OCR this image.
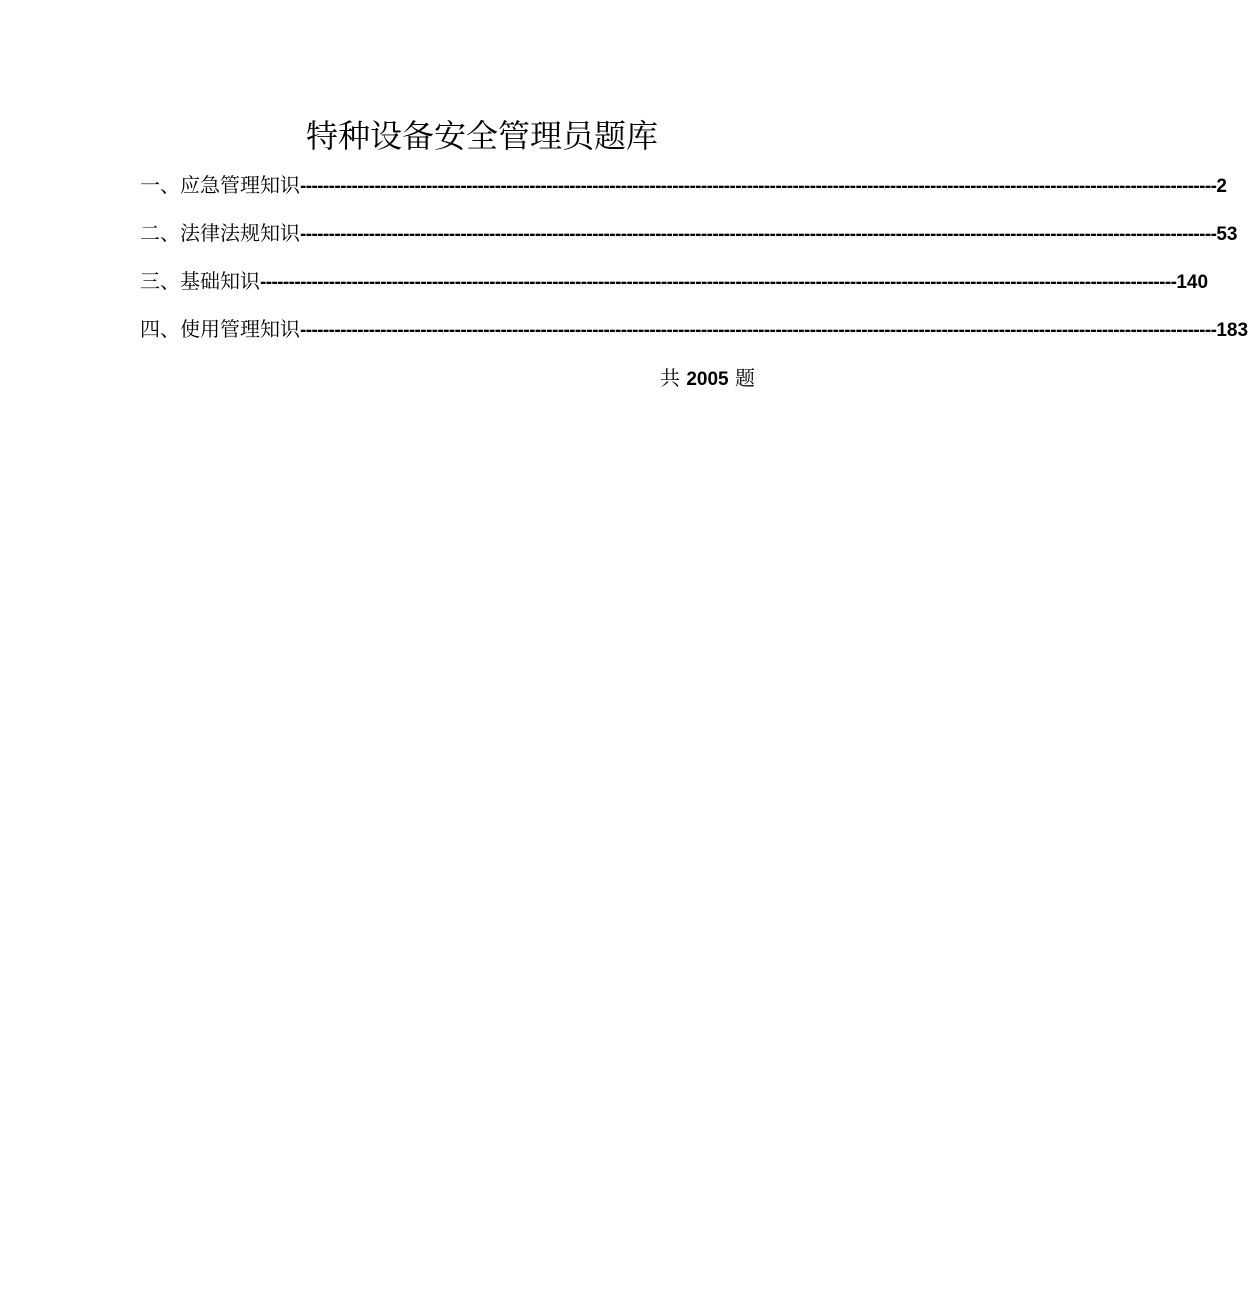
特种设备安全管理员题库
一、应急管理知识 ---------------------------------------------------------------------------------------------------------------------------------------------------------------- 2
二、法律法规知识 ---------------------------------------------------------------------------------------------------------------------------------------------------------------- 53
三、基础知识 ---------------------------------------------------------------------------------------------------------------------------------------------------------------- 140
四、使用管理知识 ---------------------------------------------------------------------------------------------------------------------------------------------------------------- 183
共 2005 题
